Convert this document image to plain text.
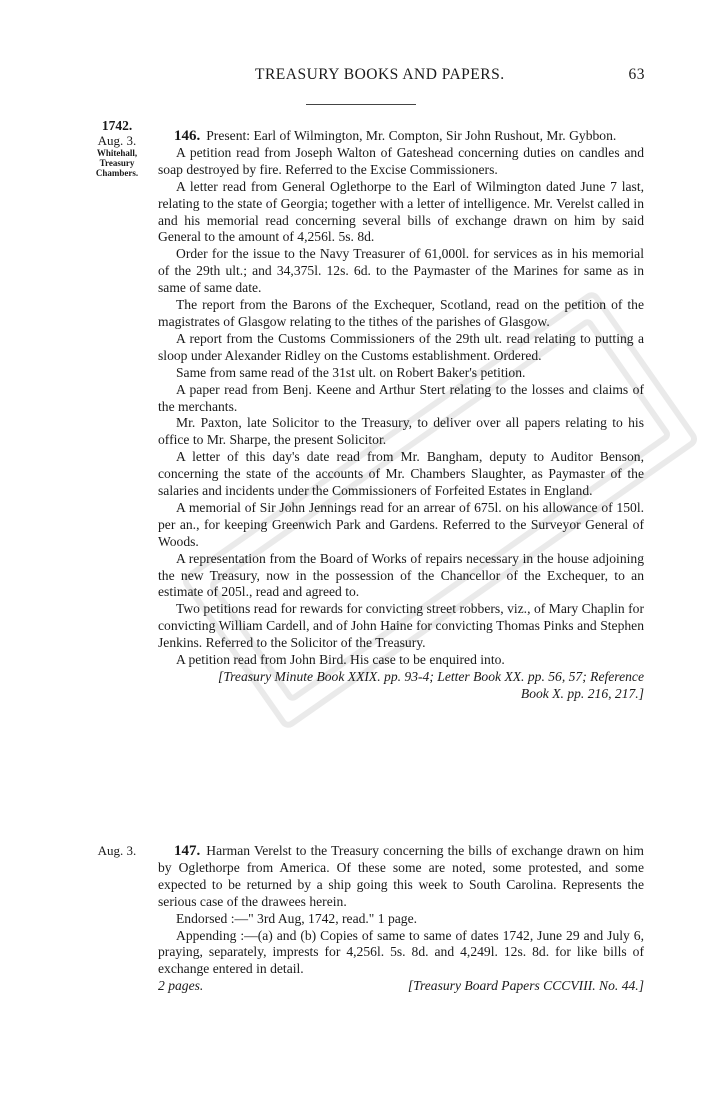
TREASURY BOOKS AND PAPERS.	63
1742.
Aug. 3.
Whitehall,
Treasury
Chambers.

146. Present: Earl of Wilmington, Mr. Compton, Sir John Rushout, Mr. Gybbon.

A petition read from Joseph Walton of Gateshead concerning duties on candles and soap destroyed by fire. Referred to the Excise Commissioners.

A letter read from General Oglethorpe to the Earl of Wilmington dated June 7 last, relating to the state of Georgia; together with a letter of intelligence. Mr. Verelst called in and his memorial read concerning several bills of exchange drawn on him by said General to the amount of 4,256l. 5s. 8d.

Order for the issue to the Navy Treasurer of 61,000l. for services as in his memorial of the 29th ult.; and 34,375l. 12s. 6d. to the Paymaster of the Marines for same as in same of same date.

The report from the Barons of the Exchequer, Scotland, read on the petition of the magistrates of Glasgow relating to the tithes of the parishes of Glasgow.

A report from the Customs Commissioners of the 29th ult. read relating to putting a sloop under Alexander Ridley on the Customs establishment. Ordered.

Same from same read of the 31st ult. on Robert Baker's petition.

A paper read from Benj. Keene and Arthur Stert relating to the losses and claims of the merchants.

Mr. Paxton, late Solicitor to the Treasury, to deliver over all papers relating to his office to Mr. Sharpe, the present Solicitor.

A letter of this day's date read from Mr. Bangham, deputy to Auditor Benson, concerning the state of the accounts of Mr. Chambers Slaughter, as Paymaster of the salaries and incidents under the Commissioners of Forfeited Estates in England.

A memorial of Sir John Jennings read for an arrear of 675l. on his allowance of 150l. per an., for keeping Greenwich Park and Gardens. Referred to the Surveyor General of Woods.

A representation from the Board of Works of repairs necessary in the house adjoining the new Treasury, now in the possession of the Chancellor of the Exchequer, to an estimate of 205l., read and agreed to.

Two petitions read for rewards for convicting street robbers, viz., of Mary Chaplin for convicting William Cardell, and of John Haine for convicting Thomas Pinks and Stephen Jenkins. Referred to the Solicitor of the Treasury.

A petition read from John Bird. His case to be enquired into.

[Treasury Minute Book XXIX. pp. 93-4; Letter Book XX. pp. 56, 57; Reference Book X. pp. 216, 217.]

Aug. 3.	147. Harman Verelst to the Treasury concerning the bills of exchange drawn on him by Oglethorpe from America. Of these some are noted, some protested, and some expected to be returned by a ship going this week to South Carolina. Represents the serious case of the drawees herein.

Endorsed :—" 3rd Aug, 1742, read." 1 page.

Appending :—(a) and (b) Copies of same to same of dates 1742, June 29 and July 6, praying, separately, imprests for 4,256l. 5s. 8d. and 4,249l. 12s. 8d. for like bills of exchange entered in detail.

2 pages.	[Treasury Board Papers CCCVIII. No. 44.]
